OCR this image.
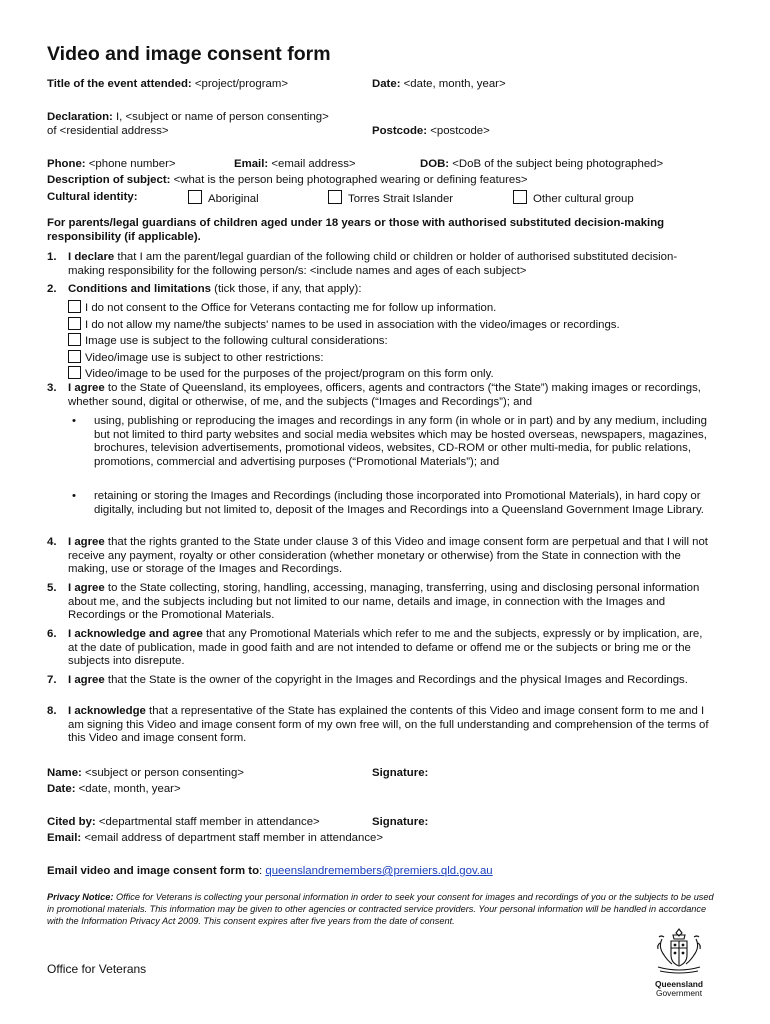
Video and image consent form
Title of the event attended: <project/program>	Date: <date, month, year>
Declaration: I, <subject or name of person consenting>
of <residential address>	Postcode: <postcode>
Phone: <phone number>	Email: <email address>	DOB: <DoB of the subject being photographed>
Description of subject: <what is the person being photographed wearing or defining features>
Cultural identity:	Aboriginal	Torres Strait Islander	Other cultural group
For parents/legal guardians of children aged under 18 years or those with authorised substituted decision-making responsibility (if applicable).
1. I declare that I am the parent/legal guardian of the following child or children or holder of authorised substituted decision-making responsibility for the following person/s: <include names and ages of each subject>
2. Conditions and limitations (tick those, if any, that apply):
I do not consent to the Office for Veterans contacting me for follow up information.
I do not allow my name/the subjects' names to be used in association with the video/images or recordings.
Image use is subject to the following cultural considerations:
Video/image use is subject to other restrictions:
Video/image to be used for the purposes of the project/program on this form only.
3. I agree to the State of Queensland, its employees, officers, agents and contractors (“the State”) making images or recordings, whether sound, digital or otherwise, of me, and the subjects (“Images and Recordings”); and
• using, publishing or reproducing the images and recordings in any form (in whole or in part) and by any medium, including but not limited to third party websites and social media websites which may be hosted overseas, newspapers, magazines, brochures, television advertisements, promotional videos, websites, CD-ROM or other multi-media, for public relations, promotions, commercial and advertising purposes (“Promotional Materials”); and
• retaining or storing the Images and Recordings (including those incorporated into Promotional Materials), in hard copy or digitally, including but not limited to, deposit of the Images and Recordings into a Queensland Government Image Library.
4. I agree that the rights granted to the State under clause 3 of this Video and image consent form are perpetual and that I will not receive any payment, royalty or other consideration (whether monetary or otherwise) from the State in connection with the making, use or storage of the Images and Recordings.
5. I agree to the State collecting, storing, handling, accessing, managing, transferring, using and disclosing personal information about me, and the subjects including but not limited to our name, details and image, in connection with the Images and Recordings or the Promotional Materials.
6. I acknowledge and agree that any Promotional Materials which refer to me and the subjects, expressly or by implication, are, at the date of publication, made in good faith and are not intended to defame or offend me or the subjects or bring me or the subjects into disrepute.
7. I agree that the State is the owner of the copyright in the Images and Recordings and the physical Images and Recordings.
8. I acknowledge that a representative of the State has explained the contents of this Video and image consent form to me and I am signing this Video and image consent form of my own free will, on the full understanding and comprehension of the terms of this Video and image consent form.
Name: <subject or person consenting>	Signature:
Date: <date, month, year>
Cited by: <departmental staff member in attendance>	Signature:
Email: <email address of department staff member in attendance>
Email video and image consent form to: queenslandremembers@premiers.qld.gov.au
Privacy Notice: Office for Veterans is collecting your personal information in order to seek your consent for images and recordings of you or the subjects to be used in promotional materials. This information may be given to other agencies or contracted service providers. Your personal information will be handled in accordance with the Information Privacy Act 2009. This consent expires after five years from the date of consent.
Office for Veterans
Queensland
Government
